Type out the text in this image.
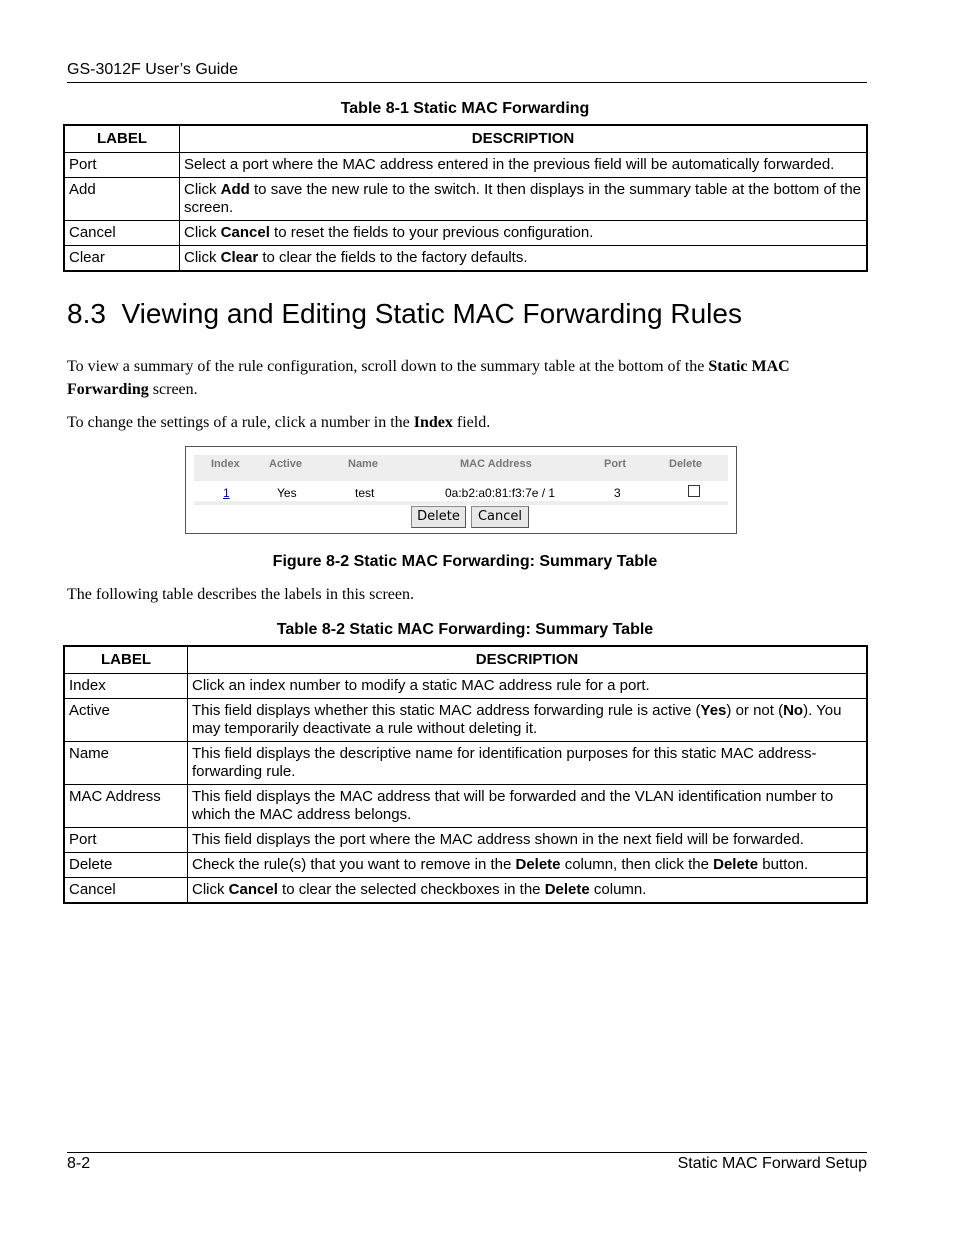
GS-3012F User’s Guide
Table 8-1 Static MAC Forwarding
LABEL	DESCRIPTION
Port	Select a port where the MAC address entered in the previous field will be automatically forwarded.
Add	Click Add to save the new rule to the switch. It then displays in the summary table at the bottom of the screen.
Cancel	Click Cancel to reset the fields to your previous configuration.
Clear	Click Clear to clear the fields to the factory defaults.
8.3 Viewing and Editing Static MAC Forwarding Rules

To view a summary of the rule configuration, scroll down to the summary table at the bottom of the Static MAC Forwarding screen.

To change the settings of a rule, click a number in the Index field.

Index	Active	Name	MAC Address	Port	Delete
1	Yes	test	0a:b2:a0:81:f3:7e / 1	3
Delete	Cancel
Figure 8-2 Static MAC Forwarding: Summary Table

The following table describes the labels in this screen.

Table 8-2 Static MAC Forwarding: Summary Table
LABEL	DESCRIPTION
Index	Click an index number to modify a static MAC address rule for a port.
Active	This field displays whether this static MAC address forwarding rule is active (Yes) or not (No). You may temporarily deactivate a rule without deleting it.
Name	This field displays the descriptive name for identification purposes for this static MAC address-forwarding rule.
MAC Address	This field displays the MAC address that will be forwarded and the VLAN identification number to which the MAC address belongs.
Port	This field displays the port where the MAC address shown in the next field will be forwarded.
Delete	Check the rule(s) that you want to remove in the Delete column, then click the Delete button.
Cancel	Click Cancel to clear the selected checkboxes in the Delete column.
8-2	Static MAC Forward Setup
